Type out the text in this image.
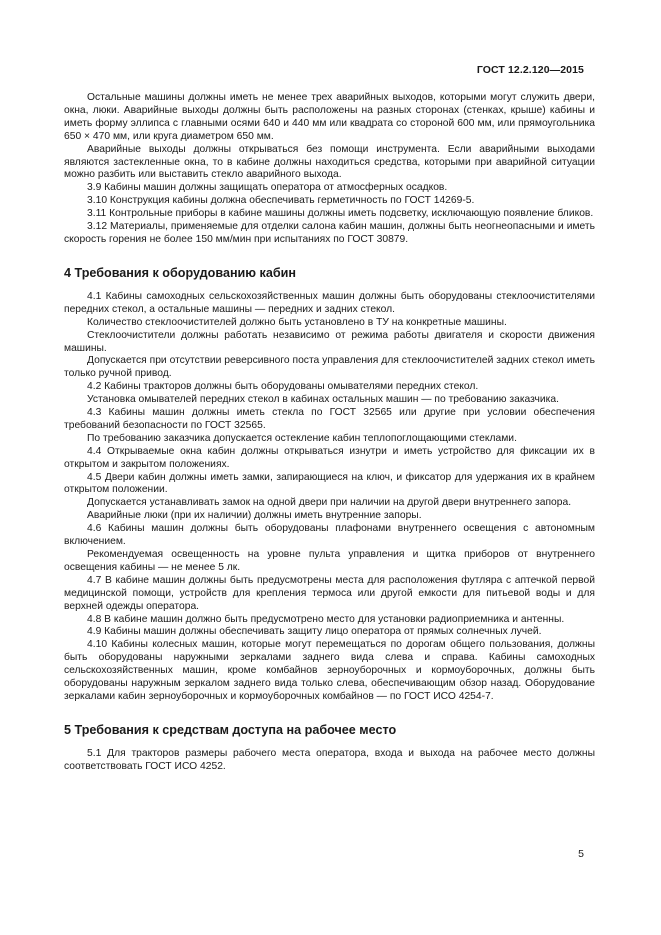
ГОСТ 12.2.120—2015

Остальные машины должны иметь не менее трех аварийных выходов, которыми могут служить двери, окна, люки. Аварийные выходы должны быть расположены на разных сторонах (стенках, крыше) кабины и иметь форму эллипса с главными осями 640 и 440 мм или квадрата со стороной 600 мм, или прямоугольника 650 × 470 мм, или круга диаметром 650 мм.

Аварийные выходы должны открываться без помощи инструмента. Если аварийными выходами являются застекленные окна, то в кабине должны находиться средства, которыми при аварийной ситуации можно разбить или выставить стекло аварийного выхода.

3.9 Кабины машин должны защищать оператора от атмосферных осадков.

3.10 Конструкция кабины должна обеспечивать герметичность по ГОСТ 14269-5.

3.11 Контрольные приборы в кабине машины должны иметь подсветку, исключающую появление бликов.

3.12 Материалы, применяемые для отделки салона кабин машин, должны быть неогнеопасными и иметь скорость горения не более 150 мм/мин при испытаниях по ГОСТ 30879.

4 Требования к оборудованию кабин

4.1 Кабины самоходных сельскохозяйственных машин должны быть оборудованы стеклоочистителями передних стекол, а остальные машины — передних и задних стекол.

Количество стеклоочистителей должно быть установлено в ТУ на конкретные машины.

Стеклоочистители должны работать независимо от режима работы двигателя и скорости движения машины.

Допускается при отсутствии реверсивного поста управления для стеклоочистителей задних стекол иметь только ручной привод.

4.2 Кабины тракторов должны быть оборудованы омывателями передних стекол.

Установка омывателей передних стекол в кабинах остальных машин — по требованию заказчика.

4.3 Кабины машин должны иметь стекла по ГОСТ 32565 или другие при условии обеспечения требований безопасности по ГОСТ 32565.

По требованию заказчика допускается остекление кабин теплопоглощающими стеклами.

4.4 Открываемые окна кабин должны открываться изнутри и иметь устройство для фиксации их в открытом и закрытом положениях.

4.5 Двери кабин должны иметь замки, запирающиеся на ключ, и фиксатор для удержания их в крайнем открытом положении.

Допускается устанавливать замок на одной двери при наличии на другой двери внутреннего запора.

Аварийные люки (при их наличии) должны иметь внутренние запоры.

4.6 Кабины машин должны быть оборудованы плафонами внутреннего освещения с автономным включением.

Рекомендуемая освещенность на уровне пульта управления и щитка приборов от внутреннего освещения кабины — не менее 5 лк.

4.7 В кабине машин должны быть предусмотрены места для расположения футляра с аптечкой первой медицинской помощи, устройств для крепления термоса или другой емкости для питьевой воды и для верхней одежды оператора.

4.8 В кабине машин должно быть предусмотрено место для установки радиоприемника и антенны.

4.9 Кабины машин должны обеспечивать защиту лицо оператора от прямых солнечных лучей.

4.10 Кабины колесных машин, которые могут перемещаться по дорогам общего пользования, должны быть оборудованы наружными зеркалами заднего вида слева и справа. Кабины самоходных сельскохозяйственных машин, кроме комбайнов зерноуборочных и кормоуборочных, должны быть оборудованы наружным зеркалом заднего вида только слева, обеспечивающим обзор назад. Оборудование зеркалами кабин зерноуборочных и кормоуборочных комбайнов — по ГОСТ ИСО 4254-7.

5 Требования к средствам доступа на рабочее место

5.1 Для тракторов размеры рабочего места оператора, входа и выхода на рабочее место должны соответствовать ГОСТ ИСО 4252.

5
